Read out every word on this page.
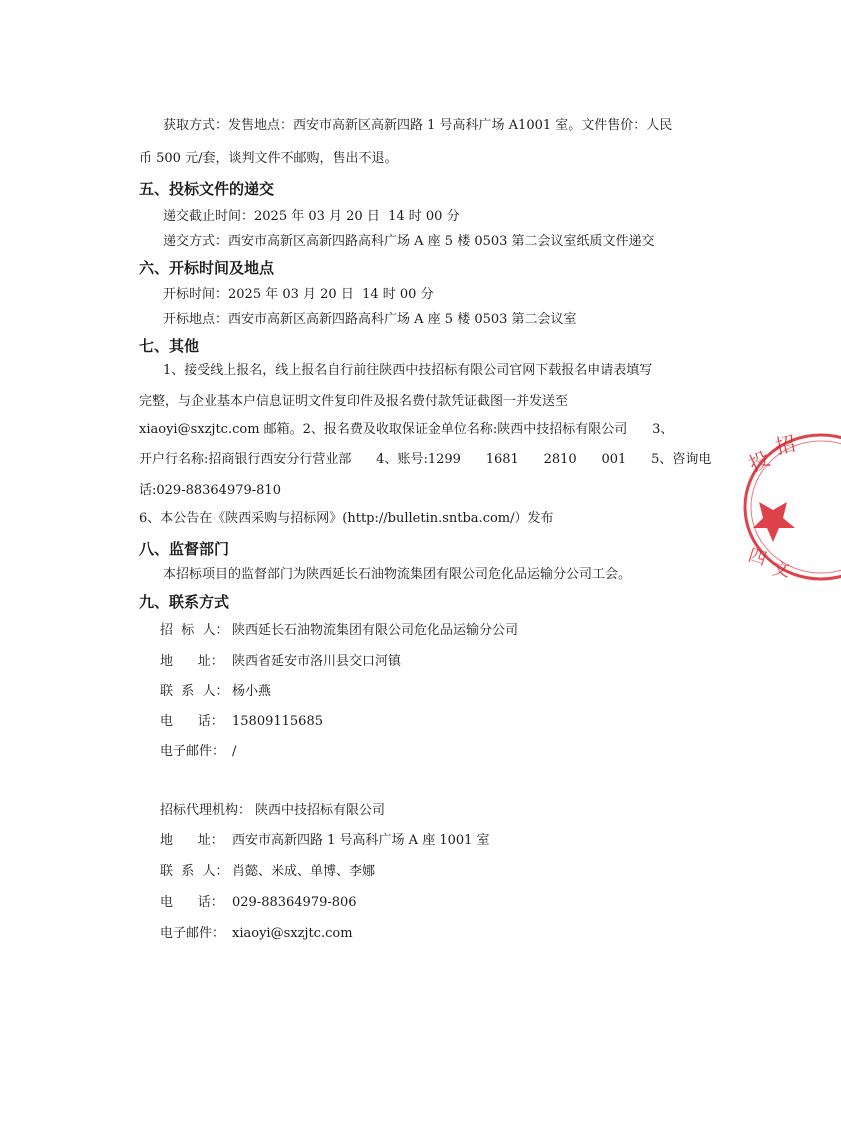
获取方式：发售地点：西安市高新区高新四路 1 号高科广场 A1001 室。文件售价：人民
币 500 元/套，谈判文件不邮购，售出不退。
五、投标文件的递交
递交截止时间：2025 年 03 月 20 日  14 时 00 分
递交方式：西安市高新区高新四路高科广场 A 座 5 楼 0503 第二会议室纸质文件递交
六、开标时间及地点
开标时间：2025 年 03 月 20 日  14 时 00 分
开标地点：西安市高新区高新四路高科广场 A 座 5 楼 0503 第二会议室
七、其他
1、接受线上报名，线上报名自行前往陕西中技招标有限公司官网下载报名申请表填写
完整，与企业基本户信息证明文件复印件及报名费付款凭证截图一并发送至
xiaoyi@sxzjtc.com 邮箱。2、报名费及收取保证金单位名称:陕西中技招标有限公司      3、
开户行名称:招商银行西安分行营业部      4、账号:1299      1681      2810      001      5、咨询电
话:029-88364979-810
6、本公告在《陕西采购与招标网》(http://bulletin.sntba.com/）发布
八、监督部门
本招标项目的监督部门为陕西延长石油物流集团有限公司危化品运输分公司工会。
九、联系方式
招  标  人： 陕西延长石油物流集团有限公司危化品运输分公司
地      址： 陕西省延安市洛川县交口河镇
联  系  人： 杨小燕
电      话： 15809115685
电子邮件： /
招标代理机构： 陕西中技招标有限公司
地      址： 西安市高新四路 1 号高科广场 A 座 1001 室
联  系  人： 肖懿、米成、单博、李娜
电      话： 029-88364979-806
电子邮件： xiaoyi@sxzjtc.com
投
招
四 文
